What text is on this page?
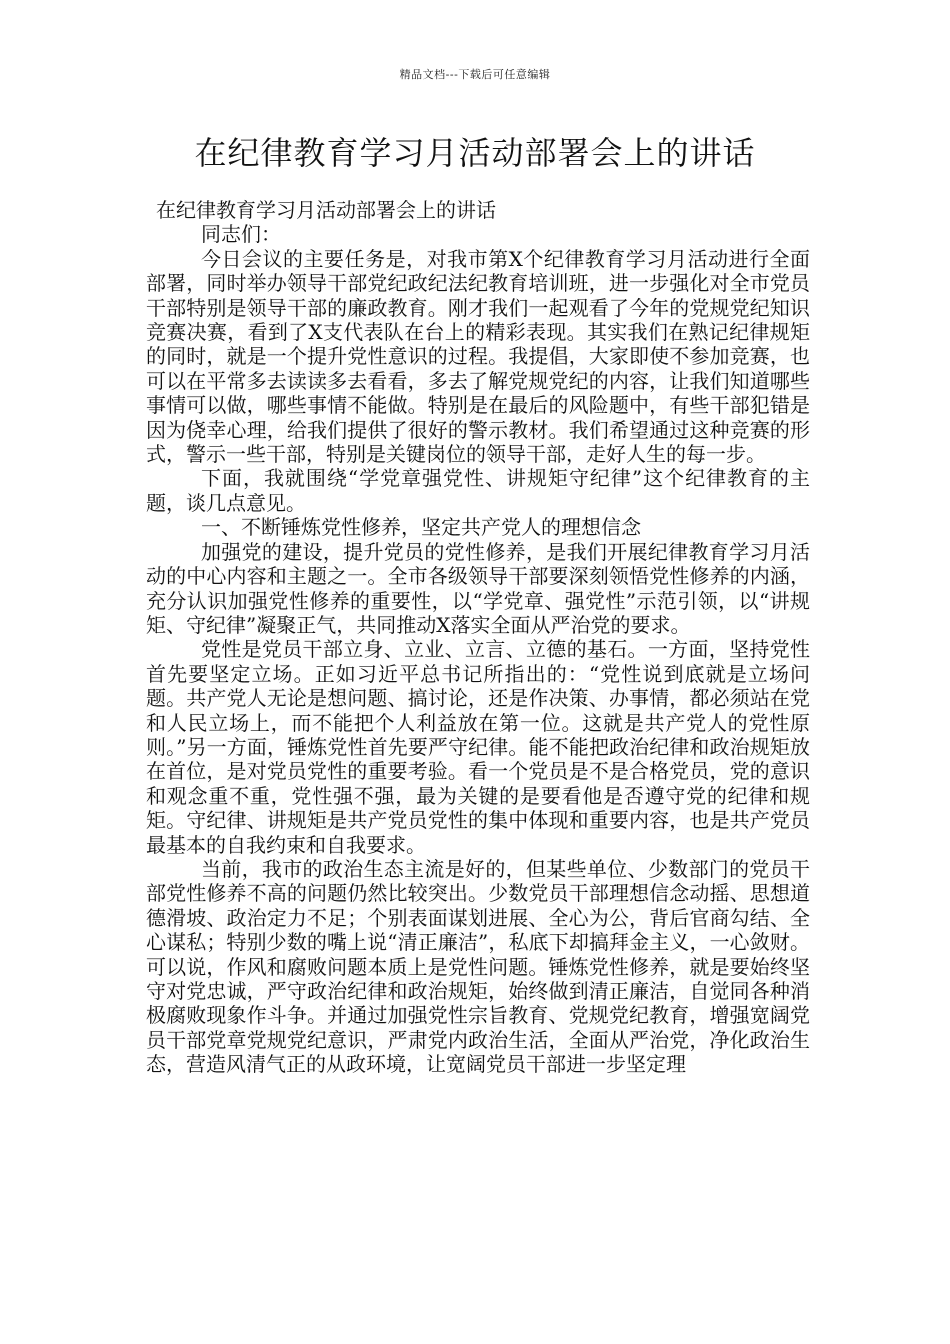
精品文档---下载后可任意编辑
在纪律教育学习月活动部署会上的讲话

在纪律教育学习月活动部署会上的讲话

同志们：

今日会议的主要任务是，对我市第X个纪律教育学习月活动进行全面部署，同时举办领导干部党纪政纪法纪教育培训班，进一步强化对全市党员干部特别是领导干部的廉政教育。刚才我们一起观看了今年的党规党纪知识竞赛决赛，看到了X支代表队在台上的精彩表现。其实我们在熟记纪律规矩的同时，就是一个提升党性意识的过程。我提倡，大家即使不参加竞赛，也可以在平常多去读读多去看看，多去了解党规党纪的内容，让我们知道哪些事情可以做，哪些事情不能做。特别是在最后的风险题中，有些干部犯错是因为侥幸心理，给我们提供了很好的警示教材。我们希望通过这种竞赛的形式，警示一些干部，特别是关键岗位的领导干部，走好人生的每一步。

下面，我就围绕“学党章强党性、讲规矩守纪律”这个纪律教育的主题，谈几点意见。

一、不断锤炼党性修养，坚定共产党人的理想信念

加强党的建设，提升党员的党性修养，是我们开展纪律教育学习月活动的中心内容和主题之一。全市各级领导干部要深刻领悟党性修养的内涵，充分认识加强党性修养的重要性，以“学党章、强党性”示范引领，以“讲规矩、守纪律”凝聚正气，共同推动X落实全面从严治党的要求。

党性是党员干部立身、立业、立言、立德的基石。一方面，坚持党性首先要坚定立场。正如习近平总书记所指出的：“党性说到底就是立场问题。共产党人无论是想问题、搞讨论，还是作决策、办事情，都必须站在党和人民立场上，而不能把个人利益放在第一位。这就是共产党人的党性原则。”另一方面，锤炼党性首先要严守纪律。能不能把政治纪律和政治规矩放在首位，是对党员党性的重要考验。看一个党员是不是合格党员，党的意识和观念重不重，党性强不强，最为关键的是要看他是否遵守党的纪律和规矩。守纪律、讲规矩是共产党员党性的集中体现和重要内容，也是共产党员最基本的自我约束和自我要求。

当前，我市的政治生态主流是好的，但某些单位、少数部门的党员干部党性修养不高的问题仍然比较突出。少数党员干部理想信念动摇、思想道德滑坡、政治定力不足；个别表面谋划进展、全心为公，背后官商勾结、全心谋私；特别少数的嘴上说“清正廉洁”，私底下却搞拜金主义，一心敛财。可以说，作风和腐败问题本质上是党性问题。锤炼党性修养，就是要始终坚守对党忠诚，严守政治纪律和政治规矩，始终做到清正廉洁，自觉同各种消极腐败现象作斗争。并通过加强党性宗旨教育、党规党纪教育，增强宽阔党员干部党章党规党纪意识，严肃党内政治生活，全面从严治党，净化政治生态，营造风清气正的从政环境，让宽阔党员干部进一步坚定理
